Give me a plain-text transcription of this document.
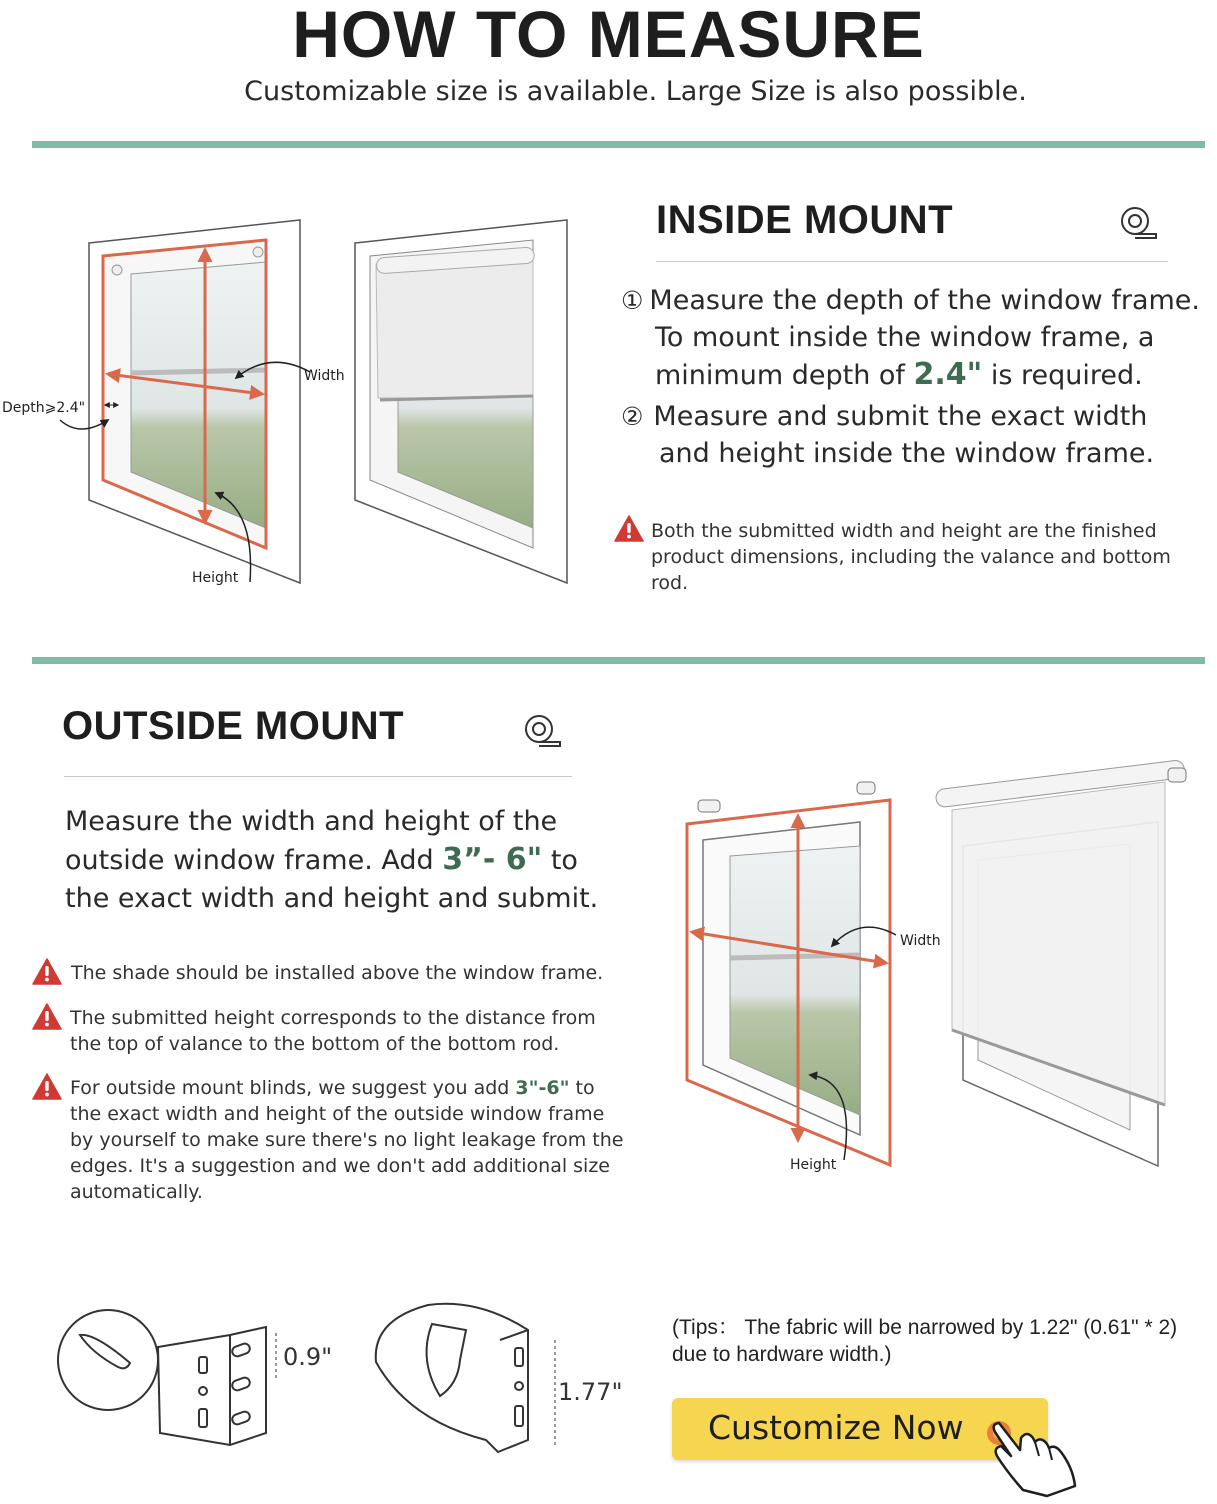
HOW TO MEASURE
Customizable size is available. Large Size is also possible.
Depth⩾2.4"
Width
Height
INSIDE MOUNT
① Measure the depth of the window frame.
To mount inside the window frame, a
minimum depth of 2.4" is required.
② Measure and submit the exact width
and height inside the window frame.
Both the submitted width and height are the finished product dimensions, including the valance and bottom rod.
OUTSIDE MOUNT
Measure the width and height of the
outside window frame. Add 3”- 6" to
the exact width and height and submit.
The shade should be installed above the window frame.
The submitted height corresponds to the distance from the top of valance to the bottom of the bottom rod.
For outside mount blinds, we suggest you add 3"-6" to the exact width and height of the outside window frame by yourself to make sure there's no light leakage from the edges. It's a suggestion and we don't add additional size automatically.
Width
Height
0.9"
1.77"
(Tips： The fabric will be narrowed by 1.22" (0.61" * 2) due to hardware width.)
Customize Now
